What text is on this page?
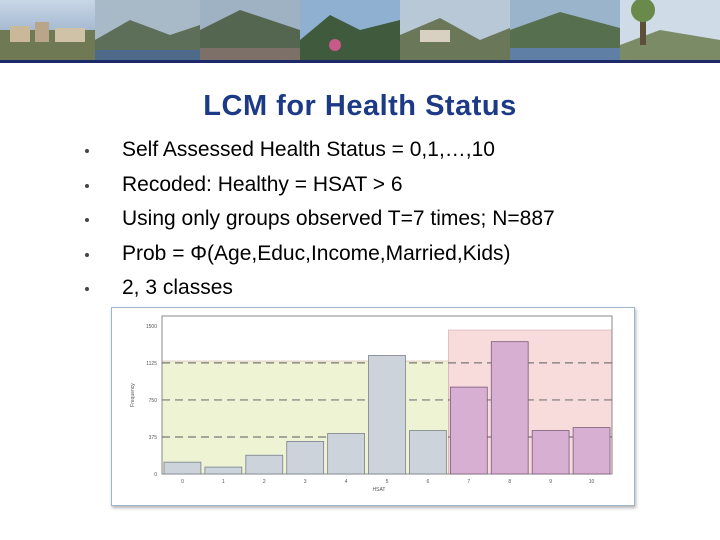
LCM for Health Status
Self Assessed Health Status = 0,1,…,10
Recoded: Healthy = HSAT > 6
Using only groups observed T=7 times; N=887
Prob = Φ(Age,Educ,Income,Married,Kids)
2, 3 classes
0
375
750
1125
1500
0	1	2	3	4	5	6	7	8	9	10
HSAT
Frequency
